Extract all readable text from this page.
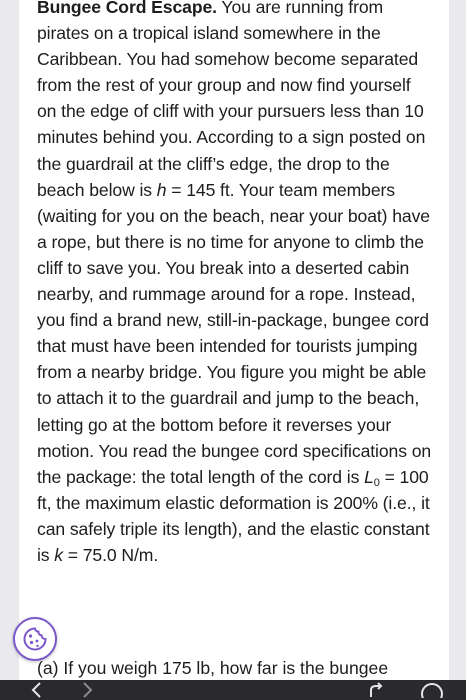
Bungee Cord Escape. You are running from pirates on a tropical island somewhere in the Caribbean. You had somehow become separated from the rest of your group and now find yourself on the edge of cliff with your pursuers less than 10 minutes behind you. According to a sign posted on the guardrail at the cliff’s edge, the drop to the beach below is h = 145 ft. Your team members (waiting for you on the beach, near your boat) have a rope, but there is no time for anyone to climb the cliff to save you. You break into a deserted cabin nearby, and rummage around for a rope. Instead, you find a brand new, still-in-package, bungee cord that must have been intended for tourists jumping from a nearby bridge. You figure you might be able to attach it to the guardrail and jump to the beach, letting go at the bottom before it reverses your motion. You read the bungee cord specifications on the package: the total length of the cord is $L_0 = 100$ ft, the maximum elastic deformation is 200% (i.e., it can safely triple its length), and the elastic constant is k = 75.0 N/m.

(a) If you weigh 175 lb, how far is the bungee
